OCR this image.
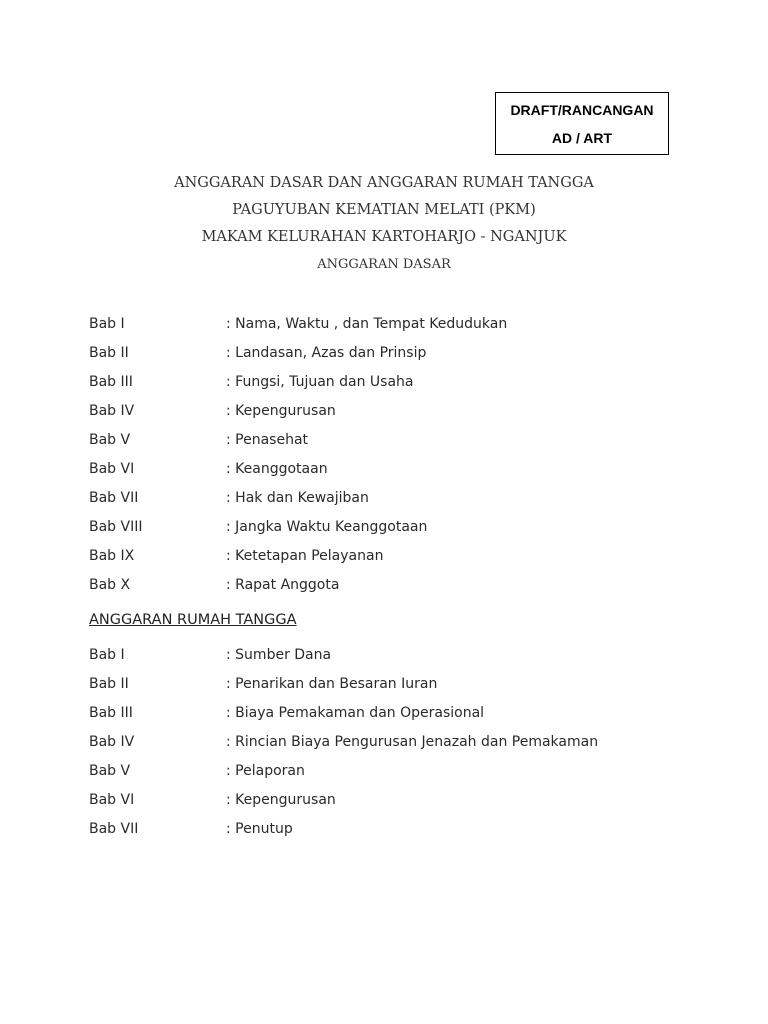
DRAFT/RANCANGAN
AD / ART
ANGGARAN DASAR DAN ANGGARAN RUMAH TANGGA
PAGUYUBAN KEMATIAN MELATI (PKM)
MAKAM KELURAHAN KARTOHARJO - NGANJUK
ANGGARAN DASAR
Bab I	: Nama, Waktu , dan Tempat Kedudukan
Bab II	: Landasan, Azas dan Prinsip
Bab III	: Fungsi, Tujuan dan Usaha
Bab IV	: Kepengurusan
Bab V	: Penasehat
Bab VI	: Keanggotaan
Bab VII	: Hak dan Kewajiban
Bab VIII	: Jangka Waktu Keanggotaan
Bab IX	: Ketetapan Pelayanan
Bab X	: Rapat Anggota
ANGGARAN RUMAH TANGGA
Bab I	: Sumber Dana
Bab II	: Penarikan dan Besaran Iuran
Bab III	: Biaya Pemakaman dan Operasional
Bab IV	: Rincian Biaya Pengurusan Jenazah dan Pemakaman
Bab V	: Pelaporan
Bab VI	: Kepengurusan
Bab VII	: Penutup
